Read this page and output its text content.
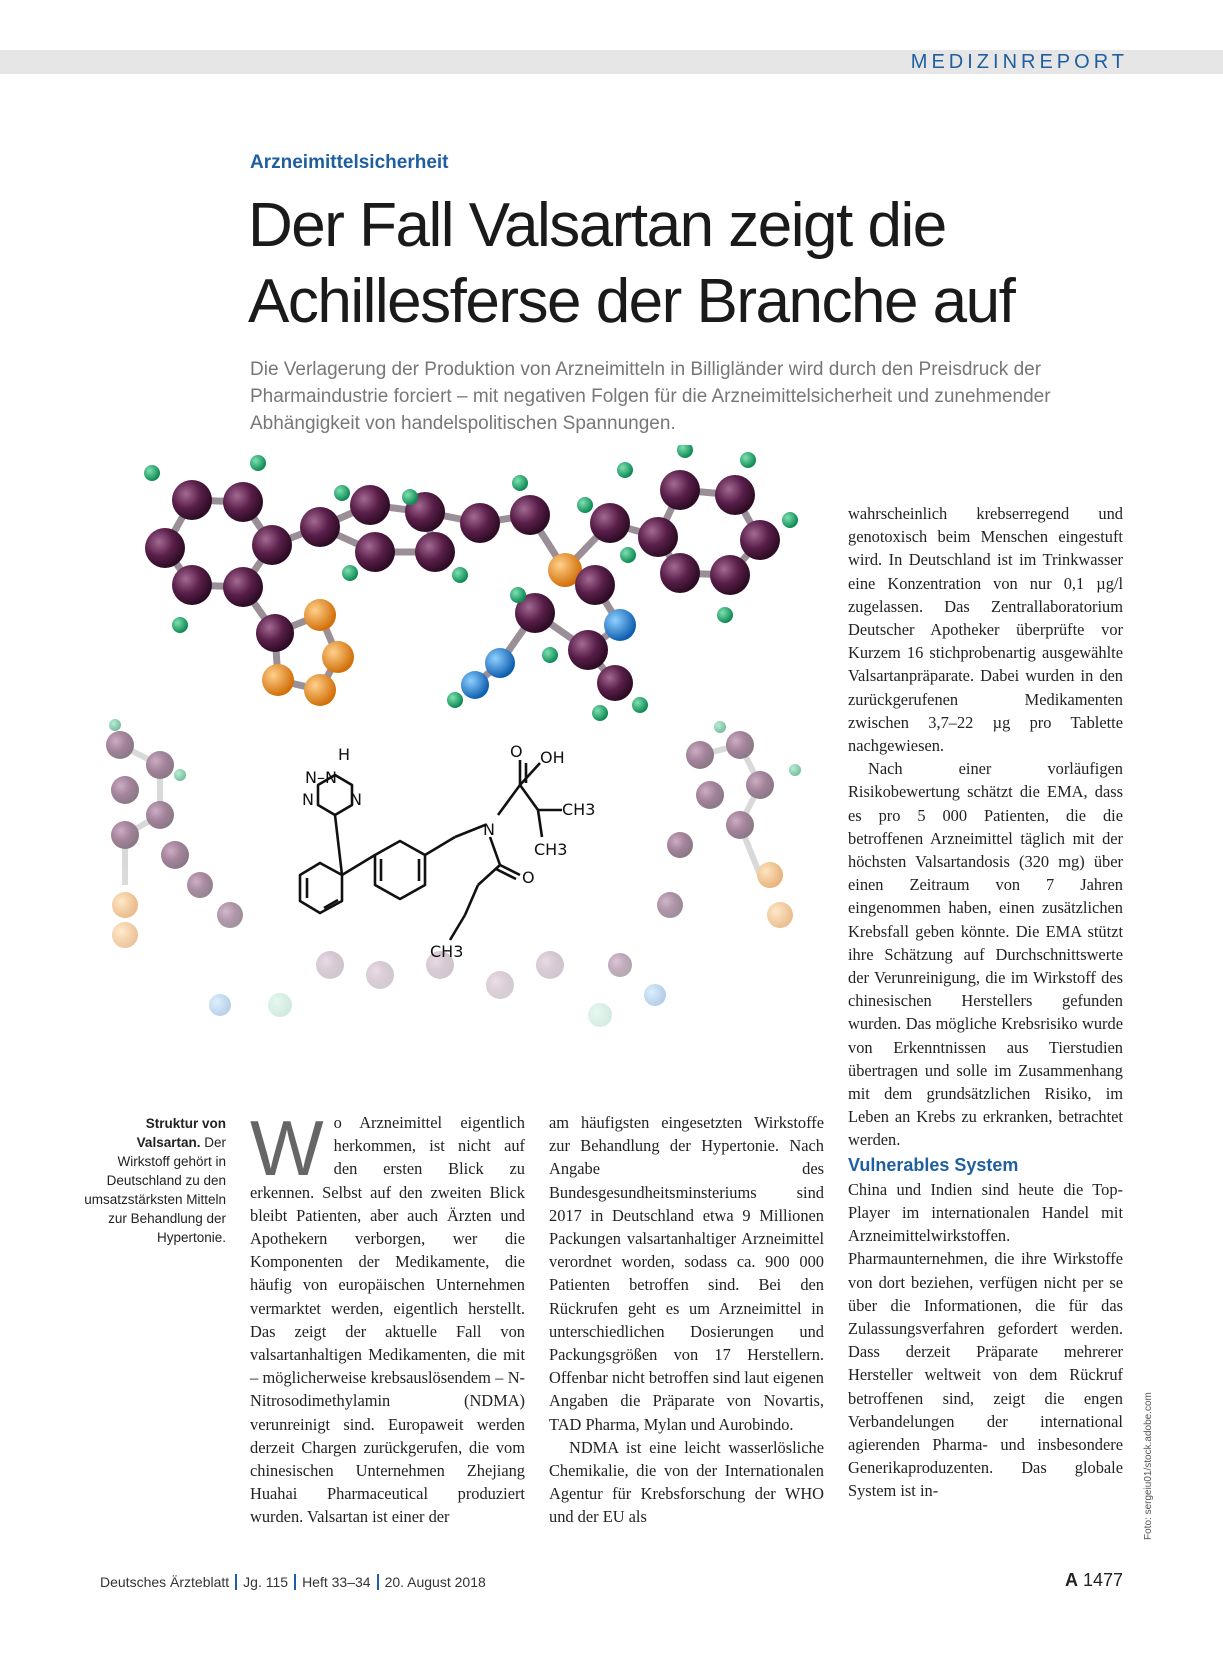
MEDIZINREPORT
Arzneimittelsicherheit
Der Fall Valsartan zeigt die
Achillesferse der Branche auf

Die Verlagerung der Produktion von Arzneimitteln in Billigländer wird durch den Preisdruck der Pharmaindustrie forciert – mit negativen Folgen für die Arzneimittelsicherheit und zunehmender Abhängigkeit von handelspolitischen Spannungen.

H
N–N
N N
O OH
N
CH3
CH3
O
CH3
Struktur von Valsartan. Der Wirkstoff gehört in Deutschland zu den umsatzstärksten Mitteln zur Behandlung der Hypertonie.
W o Arzneimittel eigentlich herkommen, ist nicht auf den ersten Blick zu erkennen. Selbst auf den zweiten Blick bleibt Patienten, aber auch Ärzten und Apothekern verborgen, wer die Komponenten der Medikamente, die häufig von europäischen Unternehmen vermarktet werden, eigentlich herstellt. Das zeigt der aktuelle Fall von valsartanhaltigen Medikamenten, die mit – möglicherweise krebsauslösendem – N-Nitrosodimethylamin (NDMA) verunreinigt sind. Europaweit werden derzeit Chargen zurückgerufen, die vom chinesischen Unternehmen Zhejiang Huahai Pharmaceutical produziert wurden. Valsartan ist einer der

am häufigsten eingesetzten Wirkstoffe zur Behandlung der Hypertonie. Nach Angabe des Bundesgesundheitsminsteriums sind 2017 in Deutschland etwa 9 Millionen Packungen valsartanhaltiger Arzneimittel verordnet worden, sodass ca. 900 000 Patienten betroffen sind. Bei den Rückrufen geht es um Arzneimittel in unterschiedlichen Dosierungen und Packungsgrößen von 17 Herstellern. Offenbar nicht betroffen sind laut eigenen Angaben die Präparate von Novartis, TAD Pharma, Mylan und Aurobindo.

NDMA ist eine leicht wasserlösliche Chemikalie, die von der Internationalen Agentur für Krebsforschung der WHO und der EU als

wahrscheinlich krebserregend und genotoxisch beim Menschen eingestuft wird. In Deutschland ist im Trinkwasser eine Konzentration von nur 0,1 µg/l zugelassen. Das Zentrallaboratorium Deutscher Apotheker überprüfte vor Kurzem 16 stichprobenartig ausgewählte Valsartanpräparate. Dabei wurden in den zurückgerufenen Medikamenten zwischen 3,7–22 µg pro Tablette nachgewiesen.

Nach einer vorläufigen Risikobewertung schätzt die EMA, dass es pro 5 000 Patienten, die die betroffenen Arzneimittel täglich mit der höchsten Valsartandosis (320 mg) über einen Zeitraum von 7 Jahren eingenommen haben, einen zusätzlichen Krebsfall geben könnte. Die EMA stützt ihre Schätzung auf Durchschnittswerte der Verunreinigung, die im Wirkstoff des chinesischen Herstellers gefunden wurden. Das mögliche Krebsrisiko wurde von Erkenntnissen aus Tierstudien übertragen und solle im Zusammenhang mit dem grundsätzlichen Risiko, im Leben an Krebs zu erkranken, betrachtet werden.

Vulnerables System

China und Indien sind heute die Top-Player im internationalen Handel mit Arzneimittelwirkstoffen. Pharmaunternehmen, die ihre Wirkstoffe von dort beziehen, verfügen nicht per se über die Informationen, die für das Zulassungsverfahren gefordert werden. Dass derzeit Präparate mehrerer Hersteller weltweit von dem Rückruf betroffenen sind, zeigt die engen Verbandelungen der international agierenden Pharma- und insbesondere Generikaproduzenten. Das globale System ist in-	Foto: sergeiu01/stock.adobe.com
Deutsches Ärzteblatt Jg. 115 Heft 33–34 20. August 2018	A 1477
